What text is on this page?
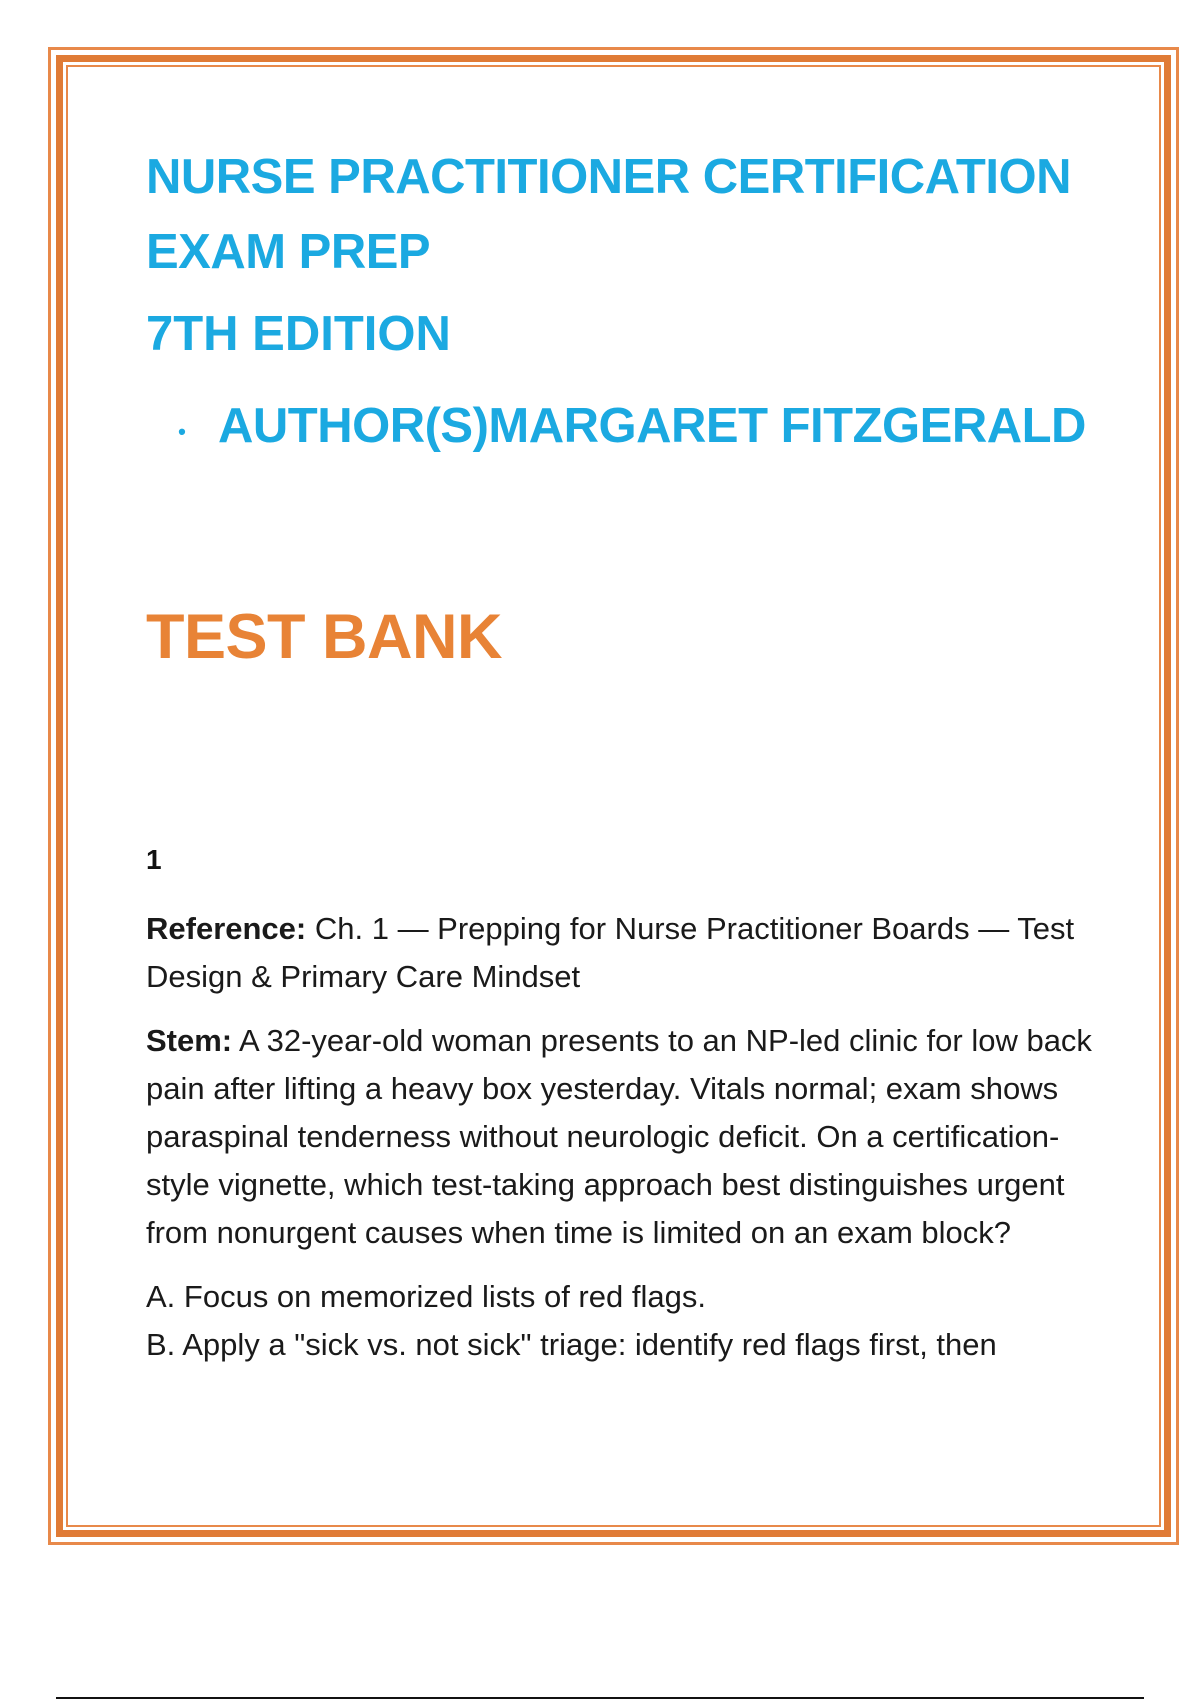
NURSE PRACTITIONER CERTIFICATION
EXAM PREP
7TH EDITION
• AUTHOR(S)MARGARET FITZGERALD
TEST BANK
1

Reference: Ch. 1 — Prepping for Nurse Practitioner Boards — Test Design & Primary Care Mindset

Stem: A 32-year-old woman presents to an NP-led clinic for low back pain after lifting a heavy box yesterday. Vitals normal; exam shows paraspinal tenderness without neurologic deficit. On a certification-style vignette, which test-taking approach best distinguishes urgent from nonurgent causes when time is limited on an exam block?

A. Focus on memorized lists of red flags.
B. Apply a "sick vs. not sick" triage: identify red flags first, then
